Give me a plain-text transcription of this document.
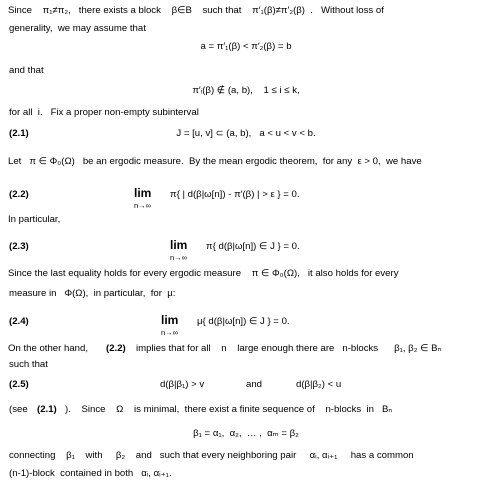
Since    π₁≠π₂,   there exists a block    β∈B    such that    π′₁(β)≠π′₂(β)  .   Without loss of

generality,  we may assume that

a = π′₁(β) < π′₂(β) = b

and that

π′ᵢ(β) ∉ (a, b),    1 ≤ i ≤ k,

for all  i.   Fix a proper non-empty subinterval

(2.1)

	J = [u, v] ⊂ (a, b),   a < u < v < b.

Let   π ∈ Φ₀(Ω)   be an ergodic measure.  By the mean ergodic theorem,  for any  ε > 0,  we have

(2.2)

	π{ | d(β|ω[n]) - π′(β) | > ε } = 0.

lim
n→∞

In particular,

(2.3)

	π{ d(β|ω[n]) ∈ J } = 0.

lim
n→∞

Since the last equality holds for every ergodic measure    π ∈ Φ₀(Ω),   it also holds for every

measure in   Φ(Ω),  in particular,  for  μ:

(2.4)

	μ{ d(β|ω[n]) ∈ J } = 0.

lim
n→∞

On the other hand,

(2.2)

implies that for all    n    large enough there are   n-blocks      β₁, β₂ ∈ Bₙ

such that

(2.5)

	d(β|β₁) > v

	and

	d(β|β₂) < u

(see

(2.1)

).    Since    Ω    is minimal,  there exist a finite sequence of    n-blocks  in   Bₙ

β₁ = α₁,  α₂,  … ,  αₘ = β₂

connecting    β₁    with     β₂    and   such that every neighboring pair     αᵢ, αᵢ₊₁     has a common

(n-1)-block  contained in both   αᵢ, αᵢ₊₁.
